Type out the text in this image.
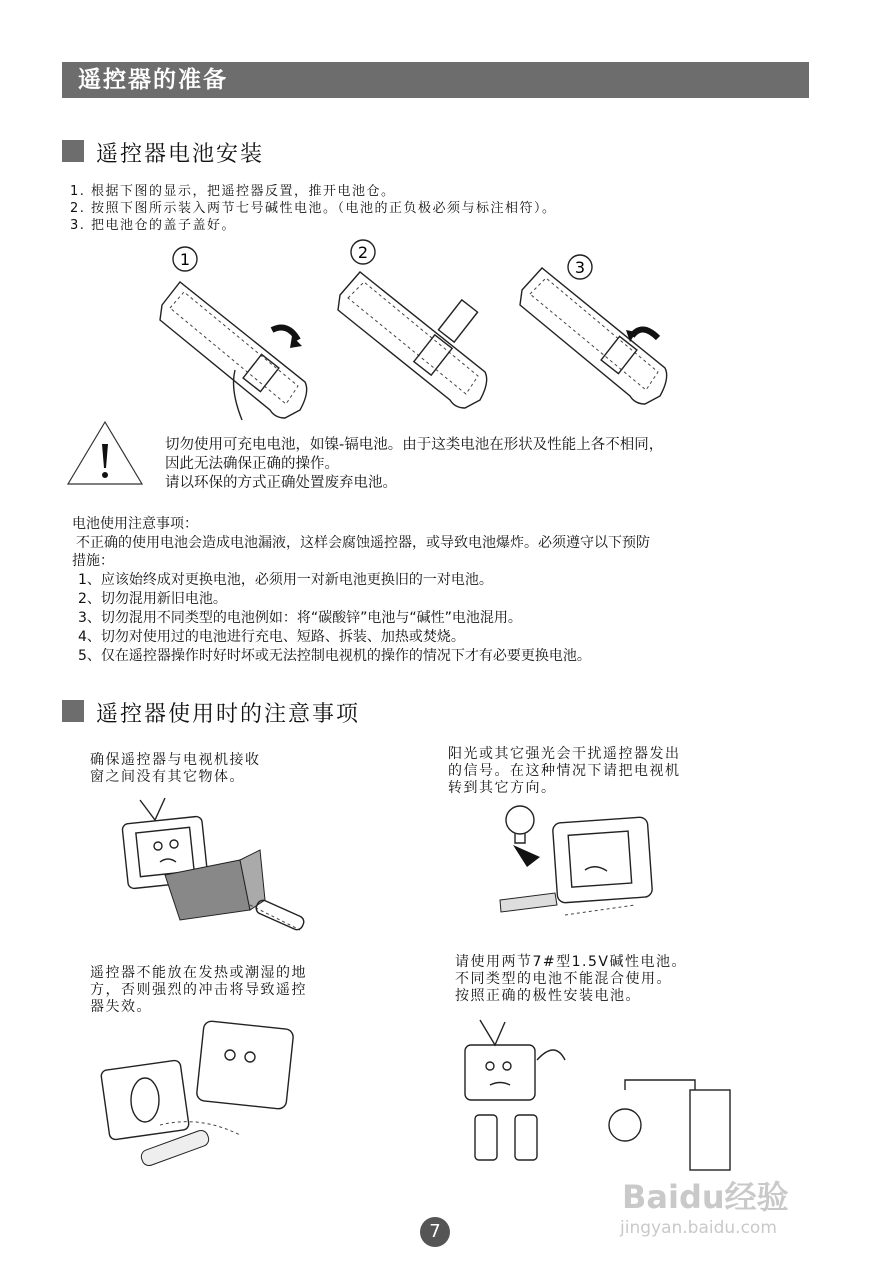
遥控器的准备
遥控器电池安装
1. 根据下图的显示，把遥控器反置，推开电池仓。
2. 按照下图所示装入两节七号碱性电池。（电池的正负极必须与标注相符）。
3. 把电池仓的盖子盖好。
1	2
3
切勿使用可充电电池，如镍-镉电池。由于这类电池在形状及性能上各不相同，
因此无法确保正确的操作。
请以环保的方式正确处置废弃电池。
电池使用注意事项：
不正确的使用电池会造成电池漏液，这样会腐蚀遥控器，或导致电池爆炸。必须遵守以下预防
措施：
1、应该始终成对更换电池，必须用一对新电池更换旧的一对电池。
2、切勿混用新旧电池。
3、切勿混用不同类型的电池例如：将“碳酸锌”电池与“碱性”电池混用。
4、切勿对使用过的电池进行充电、短路、拆装、加热或焚烧。
5、仅在遥控器操作时好时坏或无法控制电视机的操作的情况下才有必要更换电池。
遥控器使用时的注意事项
确保遥控器与电视机接收
窗之间没有其它物体。
阳光或其它强光会干扰遥控器发出
的信号。在这种情况下请把电视机
转到其它方向。
遥控器不能放在发热或潮湿的地
方，否则强烈的冲击将导致遥控
器失效。
请使用两节7#型1.5V碱性电池。
不同类型的电池不能混合使用。
按照正确的极性安装电池。
Baidu经验
jingyan.baidu.com
7
